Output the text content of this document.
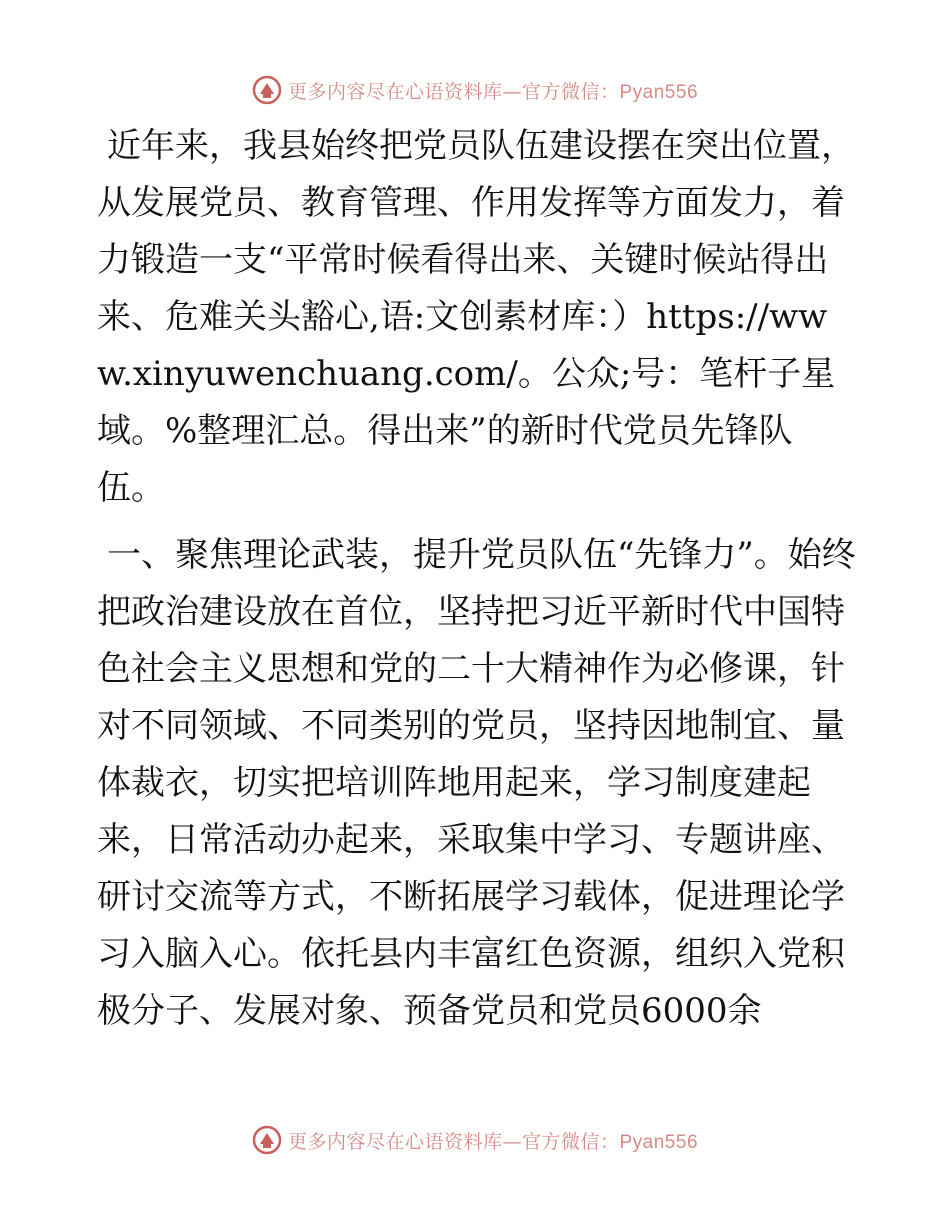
更多内容尽在心语资料库—官方微信：Pyan556

近年来，我县始终把党员队伍建设摆在突出位置，从发展党员、教育管理、作用发挥等方面发力，着力锻造一支“平常时候看得出来、关键时候站得出来、危难关头豁心,语:文创素材库：）https://www.xinyuwenchuang.com/。公众;号：笔杆子星域。%整理汇总。得出来”的新时代党员先锋队伍。

一、聚焦理论武装，提升党员队伍“先锋力”。始终把政治建设放在首位，坚持把习近平新时代中国特色社会主义思想和党的二十大精神作为必修课，针对不同领域、不同类别的党员，坚持因地制宜、量体裁衣，切实把培训阵地用起来，学习制度建起来，日常活动办起来，采取集中学习、专题讲座、研讨交流等方式，不断拓展学习载体，促进理论学习入脑入心。依托县内丰富红色资源，组织入党积极分子、发展对象、预备党员和党员6000余

更多内容尽在心语资料库—官方微信：Pyan556
